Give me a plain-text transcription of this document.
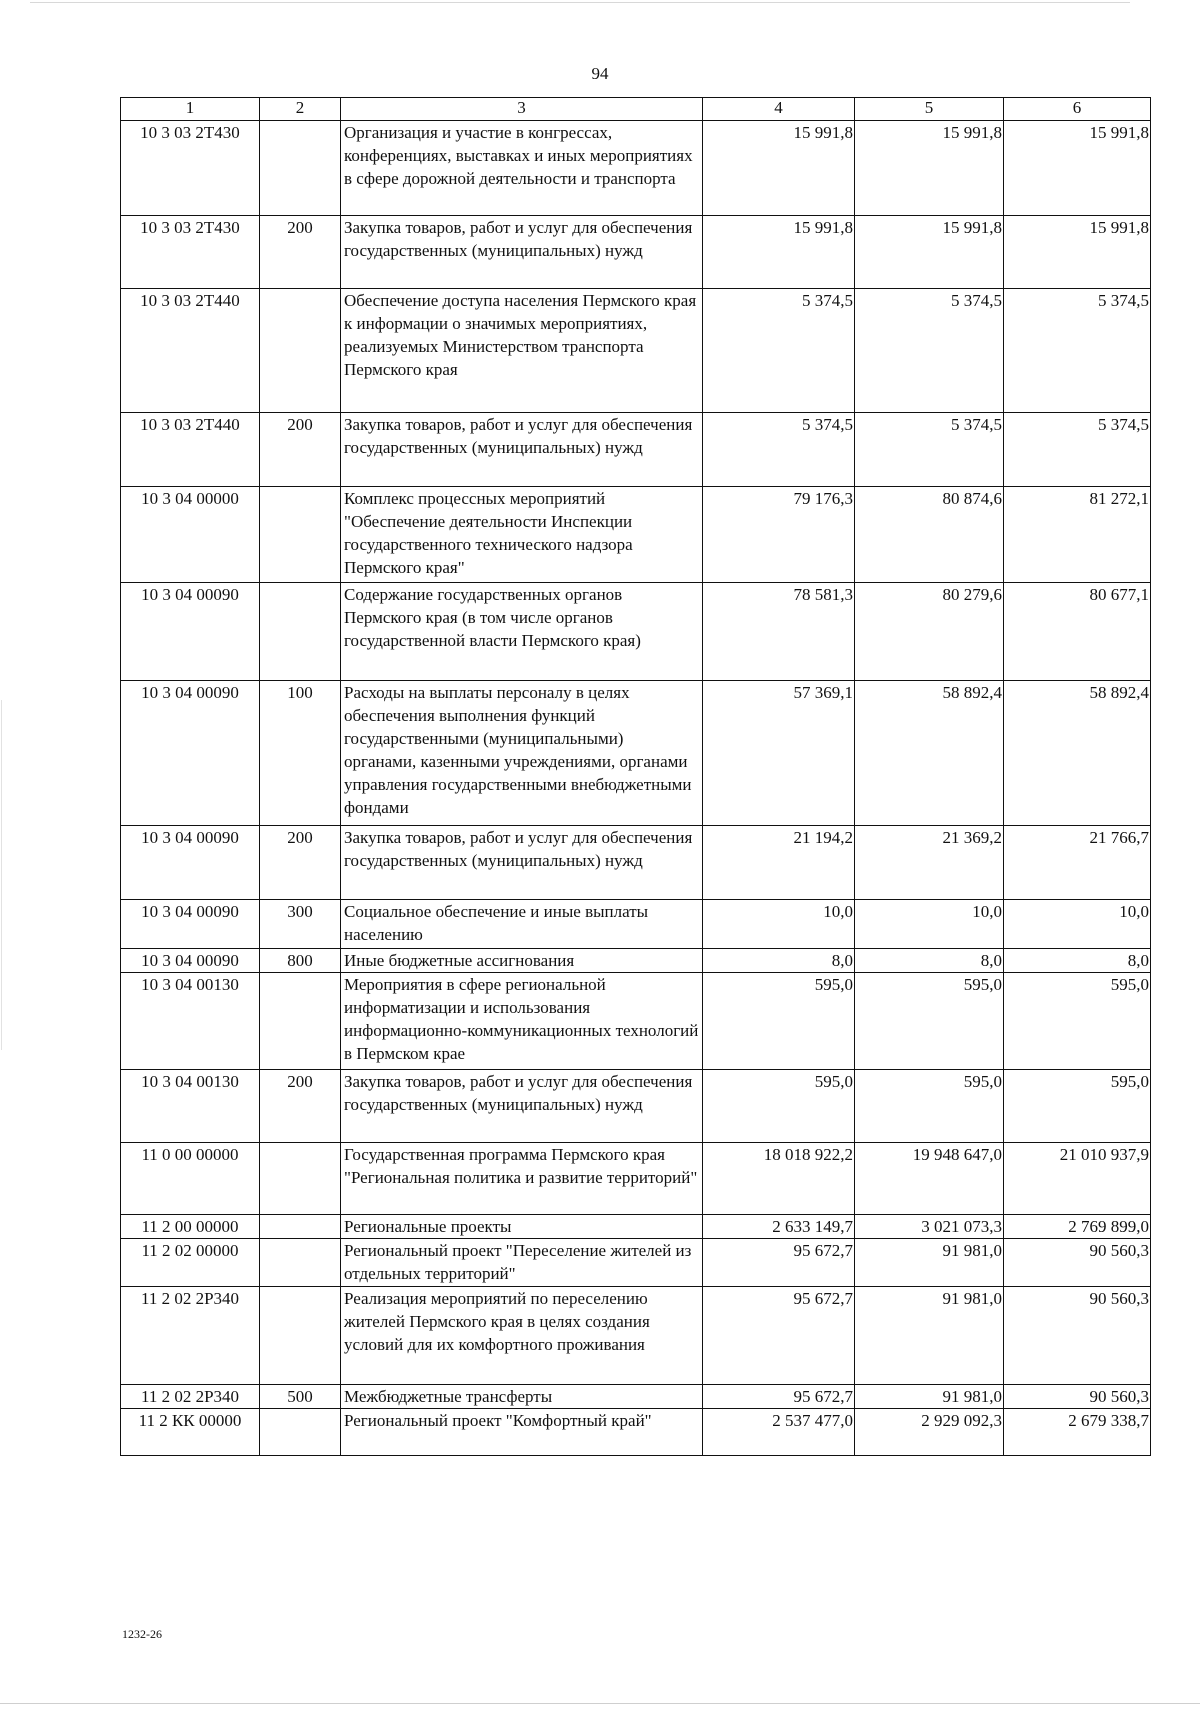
94
1	2	3	4	5	6
10 3 03 2Т430		Организация и участие в конгрессах, конференциях, выставках и иных мероприятиях в сфере дорожной деятельности и транспорта	15 991,8	15 991,8	15 991,8
10 3 03 2Т430	200	Закупка товаров, работ и услуг для обеспечения государственных (муниципальных) нужд	15 991,8	15 991,8	15 991,8
10 3 03 2Т440		Обеспечение доступа населения Пермского края к информации о значимых мероприятиях, реализуемых Министерством транспорта Пермского края	5 374,5	5 374,5	5 374,5
10 3 03 2Т440	200	Закупка товаров, работ и услуг для обеспечения государственных (муниципальных) нужд	5 374,5	5 374,5	5 374,5
10 3 04 00000		Комплекс процессных мероприятий "Обеспечение деятельности Инспекции государственного технического надзора Пермского края"	79 176,3	80 874,6	81 272,1
10 3 04 00090		Содержание государственных органов Пермского края (в том числе органов государственной власти Пермского края)	78 581,3	80 279,6	80 677,1
10 3 04 00090	100	Расходы на выплаты персоналу в целях обеспечения выполнения функций государственными (муниципальными) органами, казенными учреждениями, органами управления государственными внебюджетными фондами	57 369,1	58 892,4	58 892,4
10 3 04 00090	200	Закупка товаров, работ и услуг для обеспечения государственных (муниципальных) нужд	21 194,2	21 369,2	21 766,7
10 3 04 00090	300	Социальное обеспечение и иные выплаты населению	10,0	10,0	10,0
10 3 04 00090	800	Иные бюджетные ассигнования	8,0	8,0	8,0
10 3 04 00130		Мероприятия в сфере региональной информатизации и использования информационно-коммуникационных технологий в Пермском крае	595,0	595,0	595,0
10 3 04 00130	200	Закупка товаров, работ и услуг для обеспечения государственных (муниципальных) нужд	595,0	595,0	595,0
11 0 00 00000		Государственная программа Пермского края "Региональная политика и развитие территорий"	18 018 922,2	19 948 647,0	21 010 937,9
11 2 00 00000		Региональные проекты	2 633 149,7	3 021 073,3	2 769 899,0
11 2 02 00000		Региональный проект "Переселение жителей из отдельных территорий"	95 672,7	91 981,0	90 560,3
11 2 02 2Р340		Реализация мероприятий по переселению жителей Пермского края в целях создания условий для их комфортного проживания	95 672,7	91 981,0	90 560,3
11 2 02 2Р340	500	Межбюджетные трансферты	95 672,7	91 981,0	90 560,3
11 2 КК 00000		Региональный проект "Комфортный край"	2 537 477,0	2 929 092,3	2 679 338,7
1232-26
